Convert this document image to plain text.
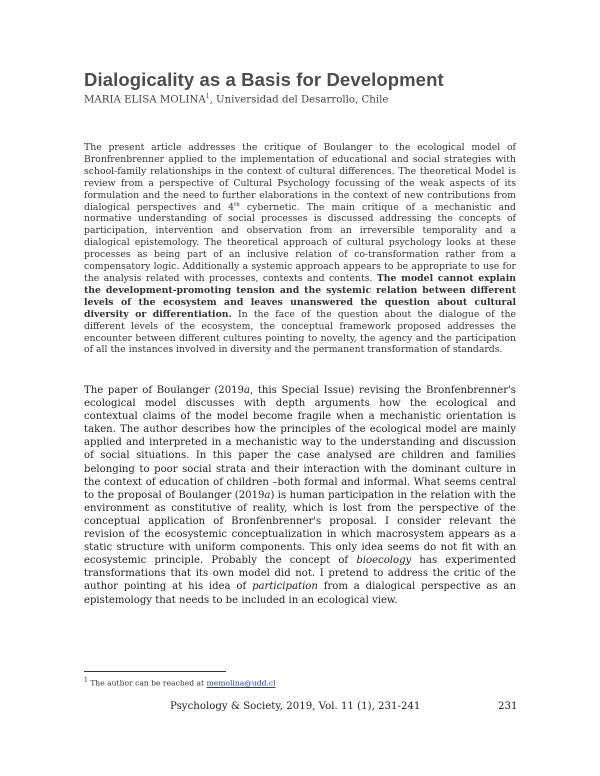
Dialogicality as a Basis for Development
MARIA ELISA MOLINA$^1$, Universidad del Desarrollo, Chile

The present article addresses the critique of Boulanger to the ecological model of Bronfrenbrenner applied to the implementation of educational and social strategies with school-family relationships in the context of cultural differences. The theoretical Model is review from a perspective of Cultural Psychology focussing of the weak aspects of its formulation and the need to further elaborations in the context of new contributions from dialogical perspectives and 4th cybernetic. The main critique of a mechanistic and normative understanding of social processes is discussed addressing the concepts of participation, intervention and observation from an irreversible temporality and a dialogical epistemology. The theoretical approach of cultural psychology looks at these processes as being part of an inclusive relation of co-transformation rather from a compensatory logic. Additionally a systemic approach appears to be appropriate to use for the analysis related with processes, contexts and contents. The model cannot explain the development-promoting tension and the systemic relation between different levels of the ecosystem and leaves unanswered the question about cultural diversity or differentiation. In the face of the question about the dialogue of the different levels of the ecosystem, the conceptual framework proposed addresses the encounter between different cultures pointing to novelty, the agency and the participation of all the instances involved in diversity and the permanent transformation of standards.

The paper of Boulanger (2019a, this Special Issue) revising the Bronfenbrenner's ecological model discusses with depth arguments how the ecological and contextual claims of the model become fragile when a mechanistic orientation is taken. The author describes how the principles of the ecological model are mainly applied and interpreted in a mechanistic way to the understanding and discussion of social situations. In this paper the case analysed are children and families belonging to poor social strata and their interaction with the dominant culture in the context of education of children –both formal and informal. What seems central to the proposal of Boulanger (2019a) is human participation in the relation with the environment as constitutive of reality, which is lost from the perspective of the conceptual application of Bronfenbrenner's proposal. I consider relevant the revision of the ecosystemic conceptualization in which macrosystem appears as a static structure with uniform components. This only idea seems do not fit with an ecosystemic principle. Probably the concept of bioecology has experimented transformations that its own model did not. I pretend to address the critic of the author pointing at his idea of participation from a dialogical perspective as an epistemology that needs to be included in an ecological view.

$^1$ The author can be reached at memolina@udd.cl
Psychology & Society, 2019, Vol. 11 (1), 231-241	231
